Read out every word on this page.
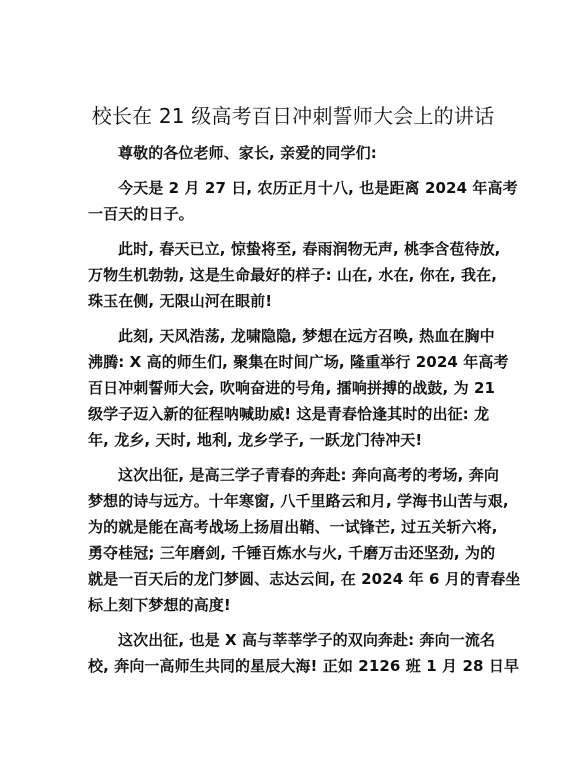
校长在 21 级高考百日冲刺誓师大会上的讲话
尊敬的各位老师、家长, 亲爱的同学们:
今天是 2 月 27 日, 农历正月十八, 也是距离 2024 年高考
一百天的日子。
此时, 春天已立, 惊蛰将至, 春雨润物无声, 桃李含苞待放,
万物生机勃勃, 这是生命最好的样子: 山在, 水在, 你在, 我在,
珠玉在侧, 无限山河在眼前!
此刻, 天风浩荡, 龙啸隐隐, 梦想在远方召唤, 热血在胸中
沸腾: X 高的师生们, 聚集在时间广场, 隆重举行 2024 年高考
百日冲刺誓师大会, 吹响奋进的号角, 擂响拼搏的战鼓, 为 21
级学子迈入新的征程呐喊助威! 这是青春恰逢其时的出征: 龙
年, 龙乡, 天时, 地利, 龙乡学子, 一跃龙门待冲天!
这次出征, 是高三学子青春的奔赴: 奔向高考的考场, 奔向
梦想的诗与远方。十年寒窗, 八千里路云和月, 学海书山苦与艰,
为的就是能在高考战场上扬眉出鞘、一试锋芒, 过五关斩六将,
勇夺桂冠; 三年磨剑, 千锤百炼水与火, 千磨万击还坚劲, 为的
就是一百天后的龙门梦圆、志达云间, 在 2024 年 6 月的青春坐
标上刻下梦想的高度!
这次出征, 也是 X 高与莘莘学子的双向奔赴: 奔向一流名
校, 奔向一高师生共同的星辰大海! 正如 2126 班 1 月 28 日早
